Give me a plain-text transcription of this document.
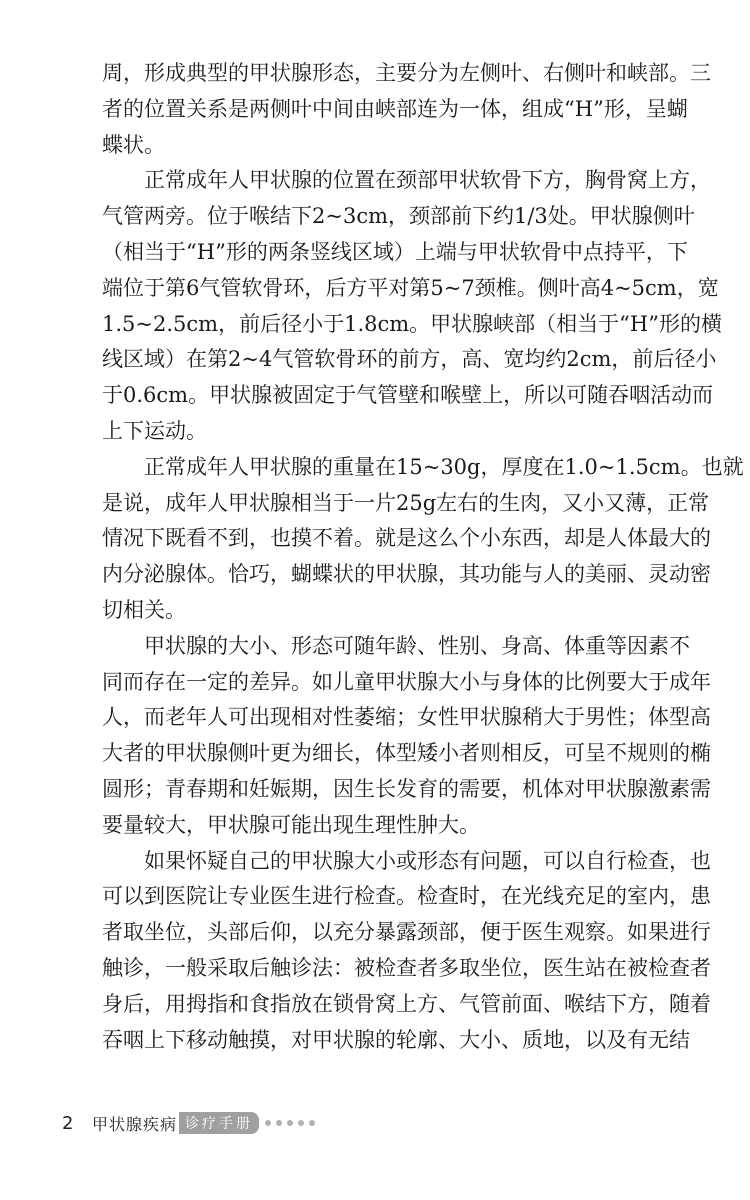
周 ， 形 成 典 型 的 甲 状 腺 形 态 ， 主 要 分 为 左 侧 叶 、 右 侧 叶 和 峡 部 。 三
者 的 位 置 关 系 是 两 侧 叶 中 间 由 峡 部 连 为 一 体 ， 组 成 “ H ” 形 ， 呈 蝴
蝶状。
正 常 成 年 人 甲 状 腺 的 位 置 在 颈 部 甲 状 软 骨 下 方 ， 胸 骨 窝 上 方 ，
气 管 两 旁 。 位 于 喉 结 下 2~3cm ， 颈 部 前 下 约 1/3 处 。 甲 状 腺 侧 叶
（ 相 当 于 “ H ” 形 的 两 条 竖 线 区 域 ） 上 端 与 甲 状 软 骨 中 点 持 平 ， 下
端 位 于 第 6 气 管 软 骨 环 ， 后 方 平 对 第 5~7 颈 椎 。 侧 叶 高 4~5cm ， 宽
1.5~2.5cm ， 前 后 径 小 于 1.8cm 。 甲 状 腺 峡 部 （ 相 当 于 “ H ” 形 的 横
线 区 域 ） 在 第 2~4 气 管 软 骨 环 的 前 方 ， 高 、 宽 均 约 2cm ， 前 后 径 小
于 0.6cm 。 甲 状 腺 被 固 定 于 气 管 壁 和 喉 壁 上 ， 所 以 可 随 吞 咽 活 动 而
上下运动。
正 常 成 年 人 甲 状 腺 的 重 量 在 15~30g ， 厚 度 在 1.0~1.5cm 。 也 就
是 说 ， 成 年 人 甲 状 腺 相 当 于 一 片 25g 左 右 的 生 肉 ， 又 小 又 薄 ， 正 常
情 况 下 既 看 不 到 ， 也 摸 不 着 。 就 是 这 么 个 小 东 西 ， 却 是 人 体 最 大 的
内 分 泌 腺 体 。 恰 巧 ， 蝴 蝶 状 的 甲 状 腺 ， 其 功 能 与 人 的 美 丽 、 灵 动 密
切相关。
甲 状 腺 的 大 小 、 形 态 可 随 年 龄 、 性 别 、 身 高 、 体 重 等 因 素 不
同 而 存 在 一 定 的 差 异 。 如 儿 童 甲 状 腺 大 小 与 身 体 的 比 例 要 大 于 成 年
人 ， 而 老 年 人 可 出 现 相 对 性 萎 缩 ； 女 性 甲 状 腺 稍 大 于 男 性 ； 体 型 高
大 者 的 甲 状 腺 侧 叶 更 为 细 长 ， 体 型 矮 小 者 则 相 反 ， 可 呈 不 规 则 的 椭
圆 形 ； 青 春 期 和 妊 娠 期 ， 因 生 长 发 育 的 需 要 ， 机 体 对 甲 状 腺 激 素 需
要量较大，甲状腺可能出现生理性肿大。
如 果 怀 疑 自 己 的 甲 状 腺 大 小 或 形 态 有 问 题 ， 可 以 自 行 检 查 ， 也
可 以 到 医 院 让 专 业 医 生 进 行 检 查 。 检 查 时 ， 在 光 线 充 足 的 室 内 ， 患
者 取 坐 位 ， 头 部 后 仰 ， 以 充 分 暴 露 颈 部 ， 便 于 医 生 观 察 。 如 果 进 行
触 诊 ， 一 般 采 取 后 触 诊 法 ： 被 检 查 者 多 取 坐 位 ， 医 生 站 在 被 检 查 者
身 后 ， 用 拇 指 和 食 指 放 在 锁 骨 窝 上 方 、 气 管 前 面 、 喉 结 下 方 ， 随 着
吞咽上下移动触摸，对甲状腺的轮廓、大小、质地，以及有无结
2	甲状腺疾病 诊疗手册
